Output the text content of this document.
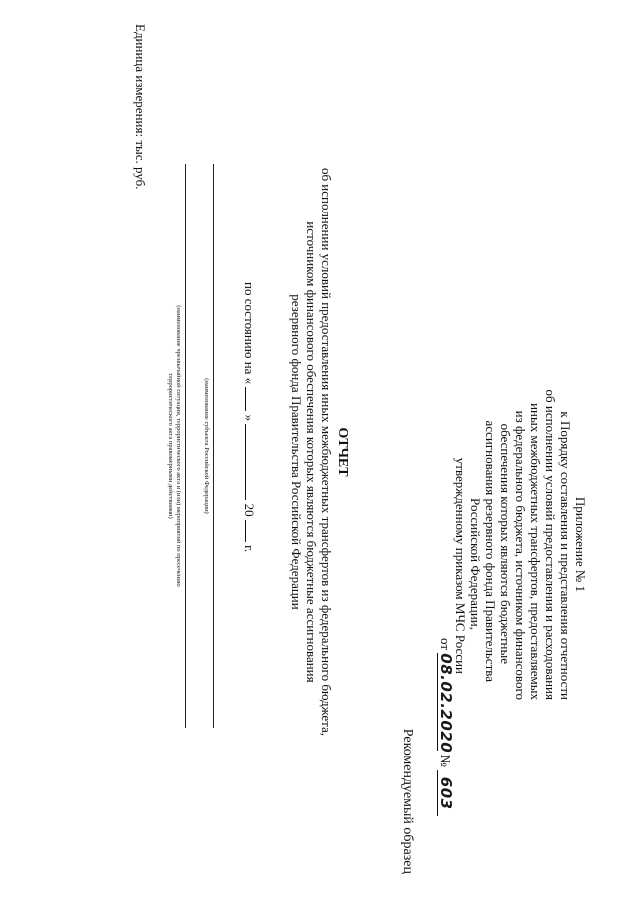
Приложение № 1
к Порядку составления и представления отчетности
об исполнении условий предоставления и расходования
иных межбюджетных трансфертов, предоставляемых
из федерального бюджета, источником финансового
обеспечения которых являются бюджетные
ассигнования резервного фонда Правительства
Российской Федерации,
утвержденному приказом МЧС России
от 08.02.2020 № 603
Рекомендуемый образец
ОТЧЕТ
об исполнении условий предоставления иных межбюджетных трансфертов из федерального бюджета,
источником финансового обеспечения которых являются бюджетные ассигнования
резервного фонда Правительства Российской Федерации
по состоянию на «  »  20  г.
(наименование субъекта Российской Федерации)
(наименование чрезвычайной ситуации, террористического акта и (или) мероприятий по пресечению
террористического акта правомерными действиями)
Единица измерения: тыс. руб.
